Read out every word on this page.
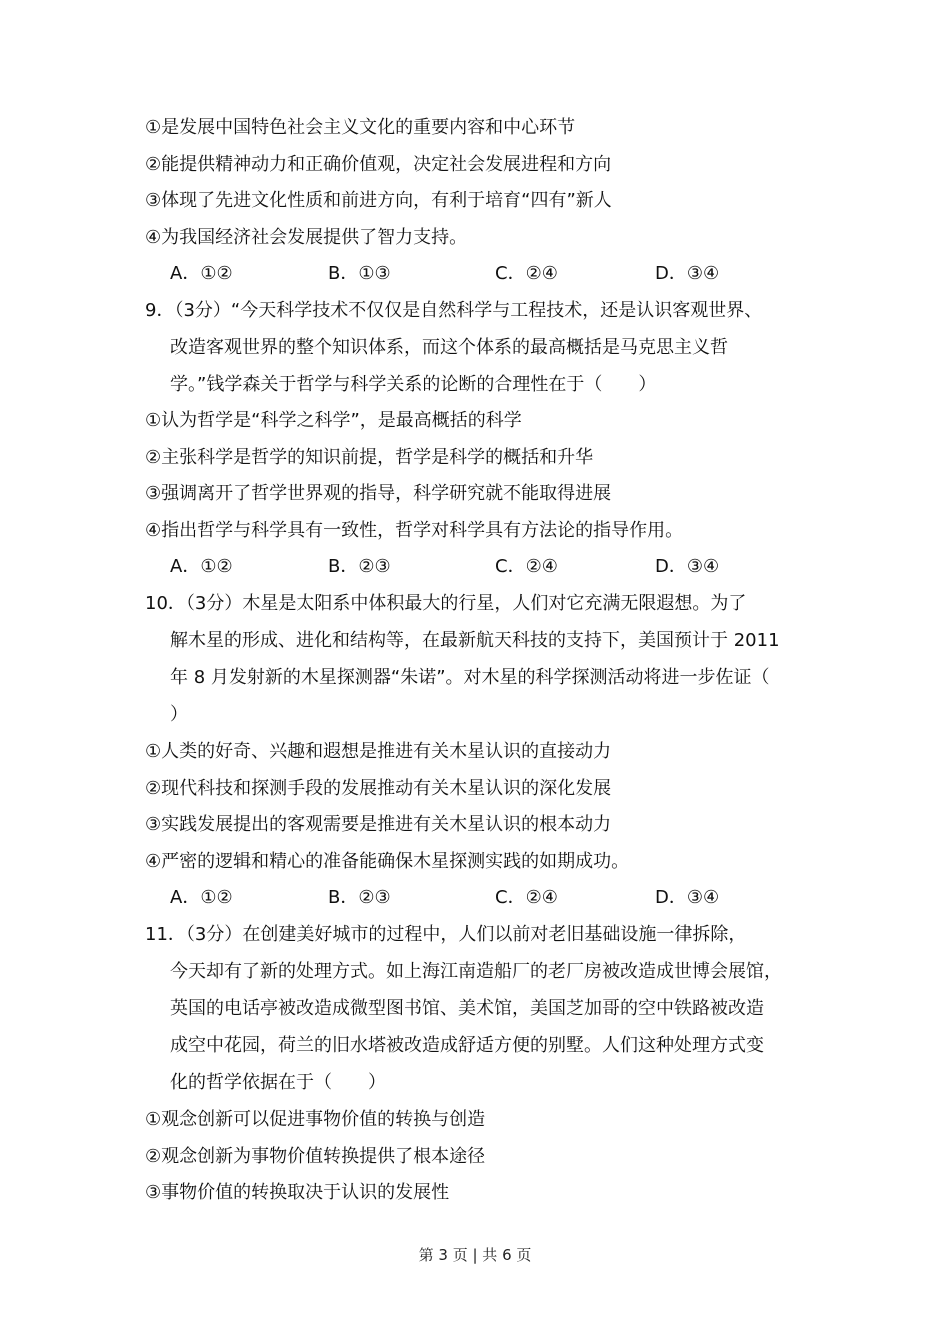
①是发展中国特色社会主义文化的重要内容和中心环节
②能提供精神动力和正确价值观，决定社会发展进程和方向
③体现了先进文化性质和前进方向，有利于培育“四有”新人
④为我国经济社会发展提供了智力支持。
A．①②	B．①③	C．②④	D．③④
9．（3分）“今天科学技术不仅仅是自然科学与工程技术，还是认识客观世界、
改造客观世界的整个知识体系，而这个体系的最高概括是马克思主义哲
学。”钱学森关于哲学与科学关系的论断的合理性在于（　　）
①认为哲学是“科学之科学”，是最高概括的科学
②主张科学是哲学的知识前提，哲学是科学的概括和升华
③强调离开了哲学世界观的指导，科学研究就不能取得进展
④指出哲学与科学具有一致性，哲学对科学具有方法论的指导作用。
A．①②	B．②③	C．②④	D．③④
10．（3分）木星是太阳系中体积最大的行星，人们对它充满无限遐想。为了
解木星的形成、进化和结构等，在最新航天科技的支持下，美国预计于 2011
年 8 月发射新的木星探测器“朱诺”。对木星的科学探测活动将进一步佐证（
）
①人类的好奇、兴趣和遐想是推进有关木星认识的直接动力
②现代科技和探测手段的发展推动有关木星认识的深化发展
③实践发展提出的客观需要是推进有关木星认识的根本动力
④严密的逻辑和精心的准备能确保木星探测实践的如期成功。
A．①②	B．②③	C．②④	D．③④
11．（3分）在创建美好城市的过程中，人们以前对老旧基础设施一律拆除，
今天却有了新的处理方式。如上海江南造船厂的老厂房被改造成世博会展馆，
英国的电话亭被改造成微型图书馆、美术馆，美国芝加哥的空中铁路被改造
成空中花园，荷兰的旧水塔被改造成舒适方便的别墅。人们这种处理方式变
化的哲学依据在于（　　）
①观念创新可以促进事物价值的转换与创造
②观念创新为事物价值转换提供了根本途径
③事物价值的转换取决于认识的发展性
第 3 页 | 共 6 页
